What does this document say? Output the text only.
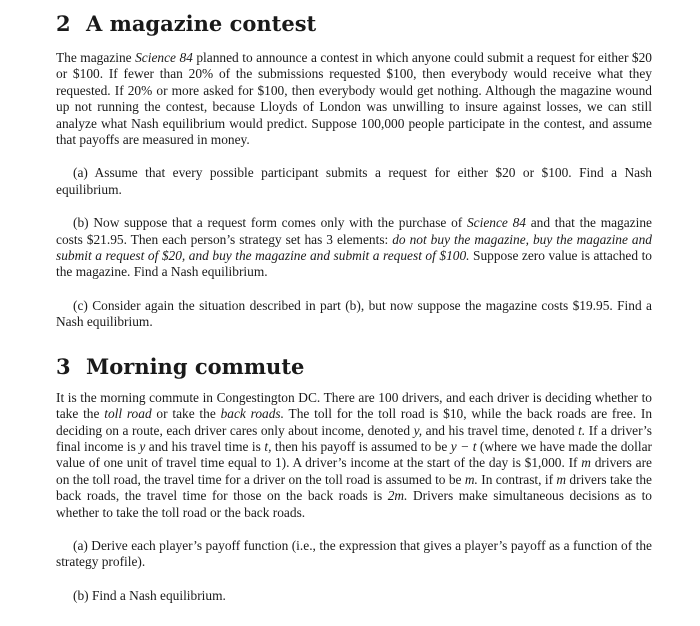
2 A magazine contest

The magazine Science 84 planned to announce a contest in which anyone could submit a request for either $20 or $100. If fewer than 20% of the submissions requested $100, then everybody would receive what they requested. If 20% or more asked for $100, then everybody would get nothing. Although the magazine wound up not running the contest, because Lloyds of London was unwilling to insure against losses, we can still analyze what Nash equilibrium would predict. Suppose 100,000 people participate in the contest, and assume that payoffs are measured in money.

(a) Assume that every possible participant submits a request for either $20 or $100. Find a Nash equilibrium.

(b) Now suppose that a request form comes only with the purchase of Science 84 and that the magazine costs $21.95. Then each person’s strategy set has 3 elements: do not buy the magazine, buy the magazine and submit a request of $20, and buy the magazine and submit a request of $100. Suppose zero value is attached to the magazine. Find a Nash equilibrium.

(c) Consider again the situation described in part (b), but now suppose the magazine costs $19.95. Find a Nash equilibrium.

3 Morning commute

It is the morning commute in Congestington DC. There are 100 drivers, and each driver is deciding whether to take the toll road or take the back roads. The toll for the toll road is $10, while the back roads are free. In deciding on a route, each driver cares only about income, denoted y, and his travel time, denoted t. If a driver’s final income is y and his travel time is t, then his payoff is assumed to be y − t (where we have made the dollar value of one unit of travel time equal to 1). A driver’s income at the start of the day is $1,000. If m drivers are on the toll road, the travel time for a driver on the toll road is assumed to be m. In contrast, if m drivers take the back roads, the travel time for those on the back roads is 2m. Drivers make simultaneous decisions as to whether to take the toll road or the back roads.

(a) Derive each player’s payoff function (i.e., the expression that gives a player’s payoff as a function of the strategy profile).

(b) Find a Nash equilibrium.
